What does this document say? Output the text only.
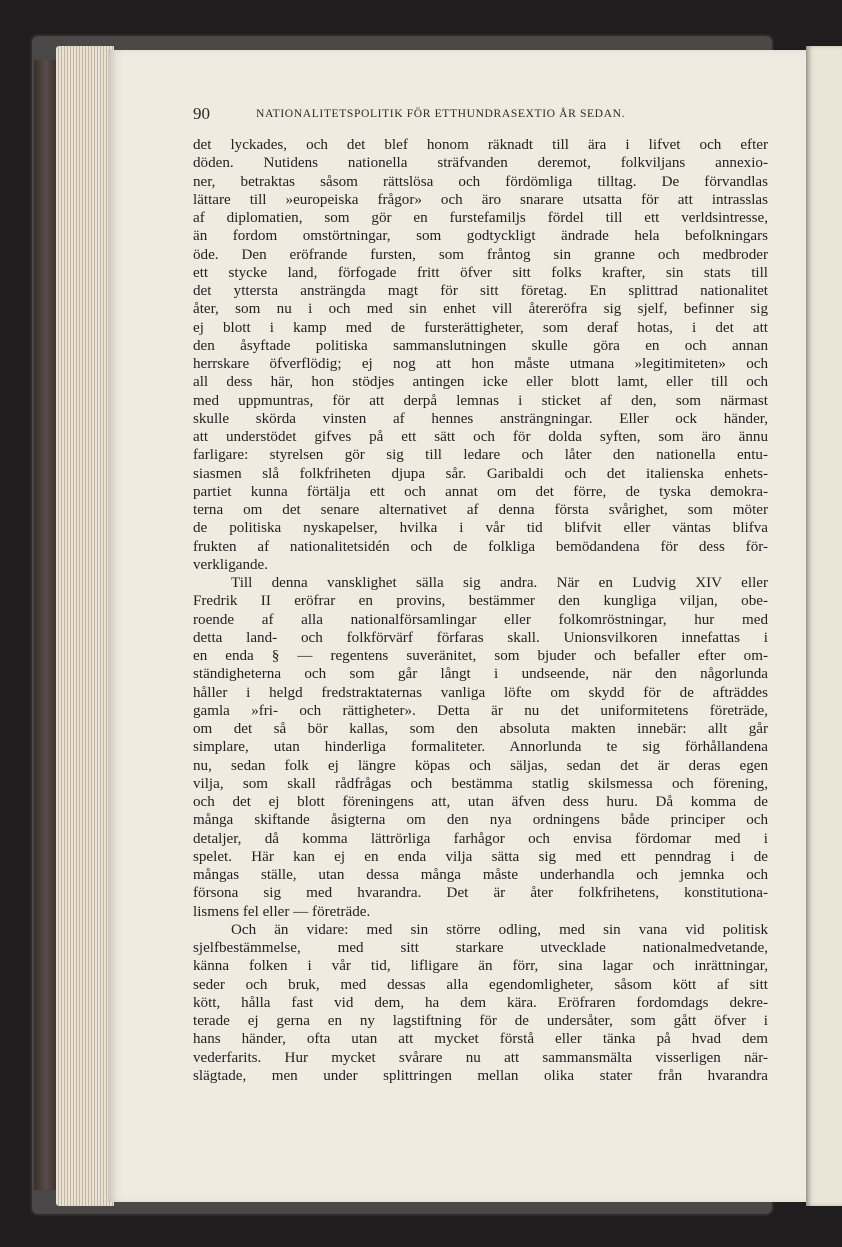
90	NATIONALITETSPOLITIK FÖR ETTHUNDRASEXTIO ÅR SEDAN.
det lyckades, och det blef honom räknadt till ära i lifvet och efter
döden. Nutidens nationella sträfvanden deremot, folkviljans annexio-
ner, betraktas såsom rättslösa och fördömliga tilltag. De förvandlas
lättare till »europeiska frågor» och äro snarare utsatta för att intrasslas
af diplomatien, som gör en furstefamiljs fördel till ett verldsintresse,
än fordom omstörtningar, som godtyckligt ändrade hela befolkningars
öde. Den eröfrande fursten, som fråntog sin granne och medbroder
ett stycke land, förfogade fritt öfver sitt folks krafter, sin stats till
det yttersta ansträngda magt för sitt företag. En splittrad nationalitet
åter, som nu i och med sin enhet vill återeröfra sig sjelf, befinner sig
ej blott i kamp med de fursterättigheter, som deraf hotas, i det att
den åsyftade politiska sammanslutningen skulle göra en och annan
herrskare öfverflödig; ej nog att hon måste utmana »legitimiteten» och
all dess här, hon stödjes antingen icke eller blott lamt, eller till och
med uppmuntras, för att derpå lemnas i sticket af den, som närmast
skulle skörda vinsten af hennes ansträngningar. Eller ock händer,
att understödet gifves på ett sätt och för dolda syften, som äro ännu
farligare: styrelsen gör sig till ledare och låter den nationella entu-
siasmen slå folkfriheten djupa sår. Garibaldi och det italienska enhets-
partiet kunna förtälja ett och annat om det förre, de tyska demokra-
terna om det senare alternativet af denna första svårighet, som möter
de politiska nyskapelser, hvilka i vår tid blifvit eller väntas blifva
frukten af nationalitetsidén och de folkliga bemödandena för dess för-
verkligande.
Till denna vansklighet sälla sig andra. När en Ludvig XIV eller
Fredrik II eröfrar en provins, bestämmer den kungliga viljan, obe-
roende af alla nationalförsamlingar eller folkomröstningar, hur med
detta land- och folkförvärf förfaras skall. Unionsvilkoren innefattas i
en enda § — regentens suveränitet, som bjuder och befaller efter om-
ständigheterna och som går långt i undseende, när den någorlunda
håller i helgd fredstraktaternas vanliga löfte om skydd för de afträddes
gamla »fri- och rättigheter». Detta är nu det uniformitetens företräde,
om det så bör kallas, som den absoluta makten innebär: allt går
simplare, utan hinderliga formaliteter. Annorlunda te sig förhållandena
nu, sedan folk ej längre köpas och säljas, sedan det är deras egen
vilja, som skall rådfrågas och bestämma statlig skilsmessa och förening,
och det ej blott föreningens att, utan äfven dess huru. Då komma de
många skiftande åsigterna om den nya ordningens både principer och
detaljer, då komma lättrörliga farhågor och envisa fördomar med i
spelet. Här kan ej en enda vilja sätta sig med ett penndrag i de
mångas ställe, utan dessa många måste underhandla och jemnka och
försona sig med hvarandra. Det är åter folkfrihetens, konstitutiona-
lismens fel eller — företräde.
Och än vidare: med sin större odling, med sin vana vid politisk
sjelfbestämmelse, med sitt starkare utvecklade nationalmedvetande,
känna folken i vår tid, lifligare än förr, sina lagar och inrättningar,
seder och bruk, med dessas alla egendomligheter, såsom kött af sitt
kött, hålla fast vid dem, ha dem kära. Eröfraren fordomdags dekre-
terade ej gerna en ny lagstiftning för de undersåter, som gått öfver i
hans händer, ofta utan att mycket förstå eller tänka på hvad dem
vederfarits. Hur mycket svårare nu att sammansmälta visserligen när-
slägtade, men under splittringen mellan olika stater från hvarandra
